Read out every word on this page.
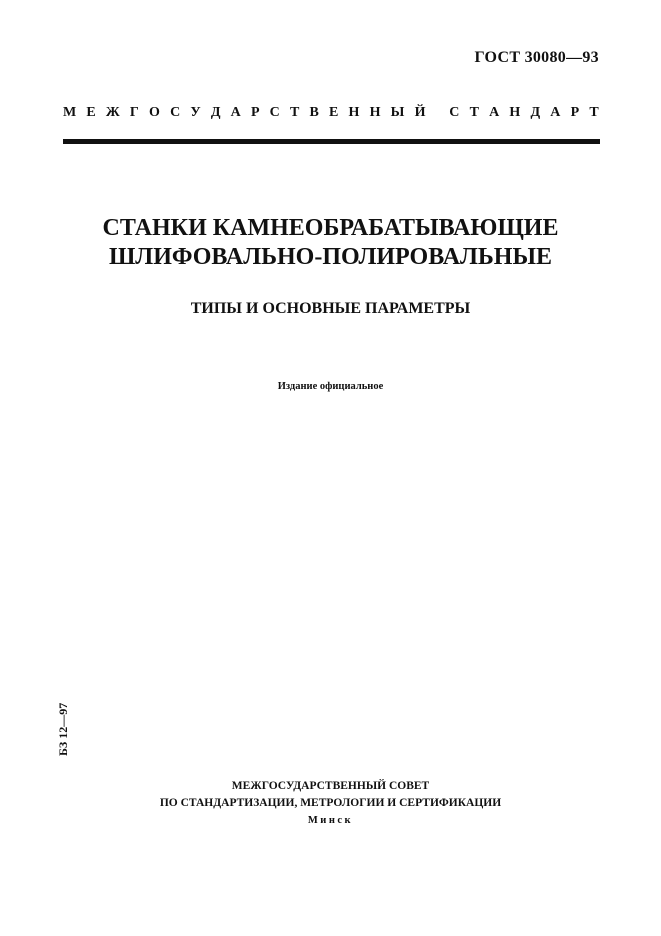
ГОСТ 30080—93
М Е Ж Г О С У Д А Р С Т В Е Н Н Ы Й
С Т А Н Д А Р Т
СТАНКИ КАМНЕОБРАБАТЫВАЮЩИЕ
ШЛИФОВАЛЬНО-ПОЛИРОВАЛЬНЫЕ
ТИПЫ И ОСНОВНЫЕ ПАРАМЕТРЫ
Издание официальное
БЗ 12—97
МЕЖГОСУДАРСТВЕННЫЙ СОВЕТ
ПО СТАНДАРТИЗАЦИИ, МЕТРОЛОГИИ И СЕРТИФИКАЦИИ
Минск
